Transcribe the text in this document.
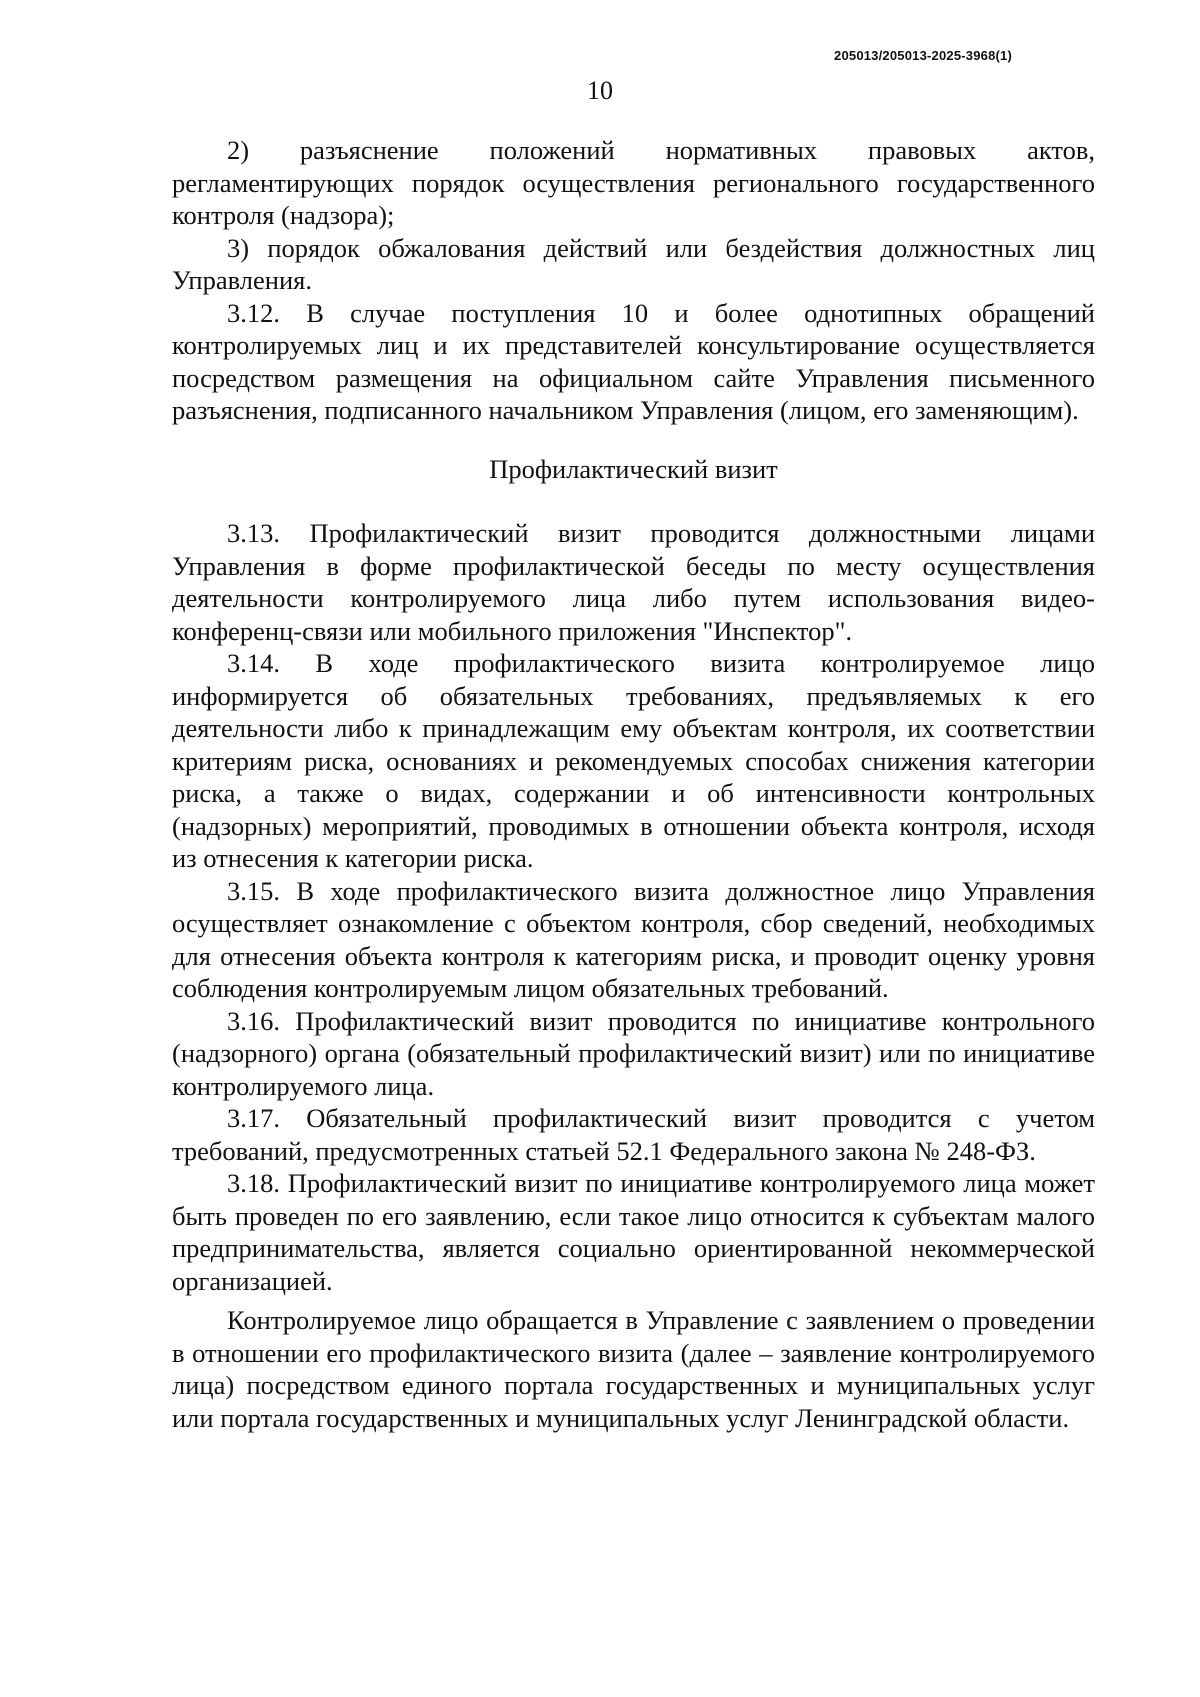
205013/205013-2025-3968(1)
10

2) разъяснение положений нормативных правовых актов, регламентирующих порядок осуществления регионального государственного контроля (надзора);

3) порядок обжалования действий или бездействия должностных лиц Управления.

3.12. В случае поступления 10 и более однотипных обращений контролируемых лиц и их представителей консультирование осуществляется посредством размещения на официальном сайте Управления письменного разъяснения, подписанного начальником Управления (лицом, его заменяющим).

Профилактический визит

3.13. Профилактический визит проводится должностными лицами Управления в форме профилактической беседы по месту осуществления деятельности контролируемого лица либо путем использования видео-конференц-связи или мобильного приложения "Инспектор".

3.14. В ходе профилактического визита контролируемое лицо информируется об обязательных требованиях, предъявляемых к его деятельности либо к принадлежащим ему объектам контроля, их соответствии критериям риска, основаниях и рекомендуемых способах снижения категории риска, а также о видах, содержании и об интенсивности контрольных (надзорных) мероприятий, проводимых в отношении объекта контроля, исходя из отнесения к категории риска.

3.15. В ходе профилактического визита должностное лицо Управления осуществляет ознакомление с объектом контроля, сбор сведений, необходимых для отнесения объекта контроля к категориям риска, и проводит оценку уровня соблюдения контролируемым лицом обязательных требований.

3.16. Профилактический визит проводится по инициативе контрольного (надзорного) органа (обязательный профилактический визит) или по инициативе контролируемого лица.

3.17. Обязательный профилактический визит проводится с учетом требований, предусмотренных статьей 52.1 Федерального закона № 248-ФЗ.

3.18. Профилактический визит по инициативе контролируемого лица может быть проведен по его заявлению, если такое лицо относится к субъектам малого предпринимательства, является социально ориентированной некоммерческой организацией.

Контролируемое лицо обращается в Управление с заявлением о проведении в отношении его профилактического визита (далее – заявление контролируемого лица) посредством единого портала государственных и муниципальных услуг или портала государственных и муниципальных услуг Ленинградской области.
